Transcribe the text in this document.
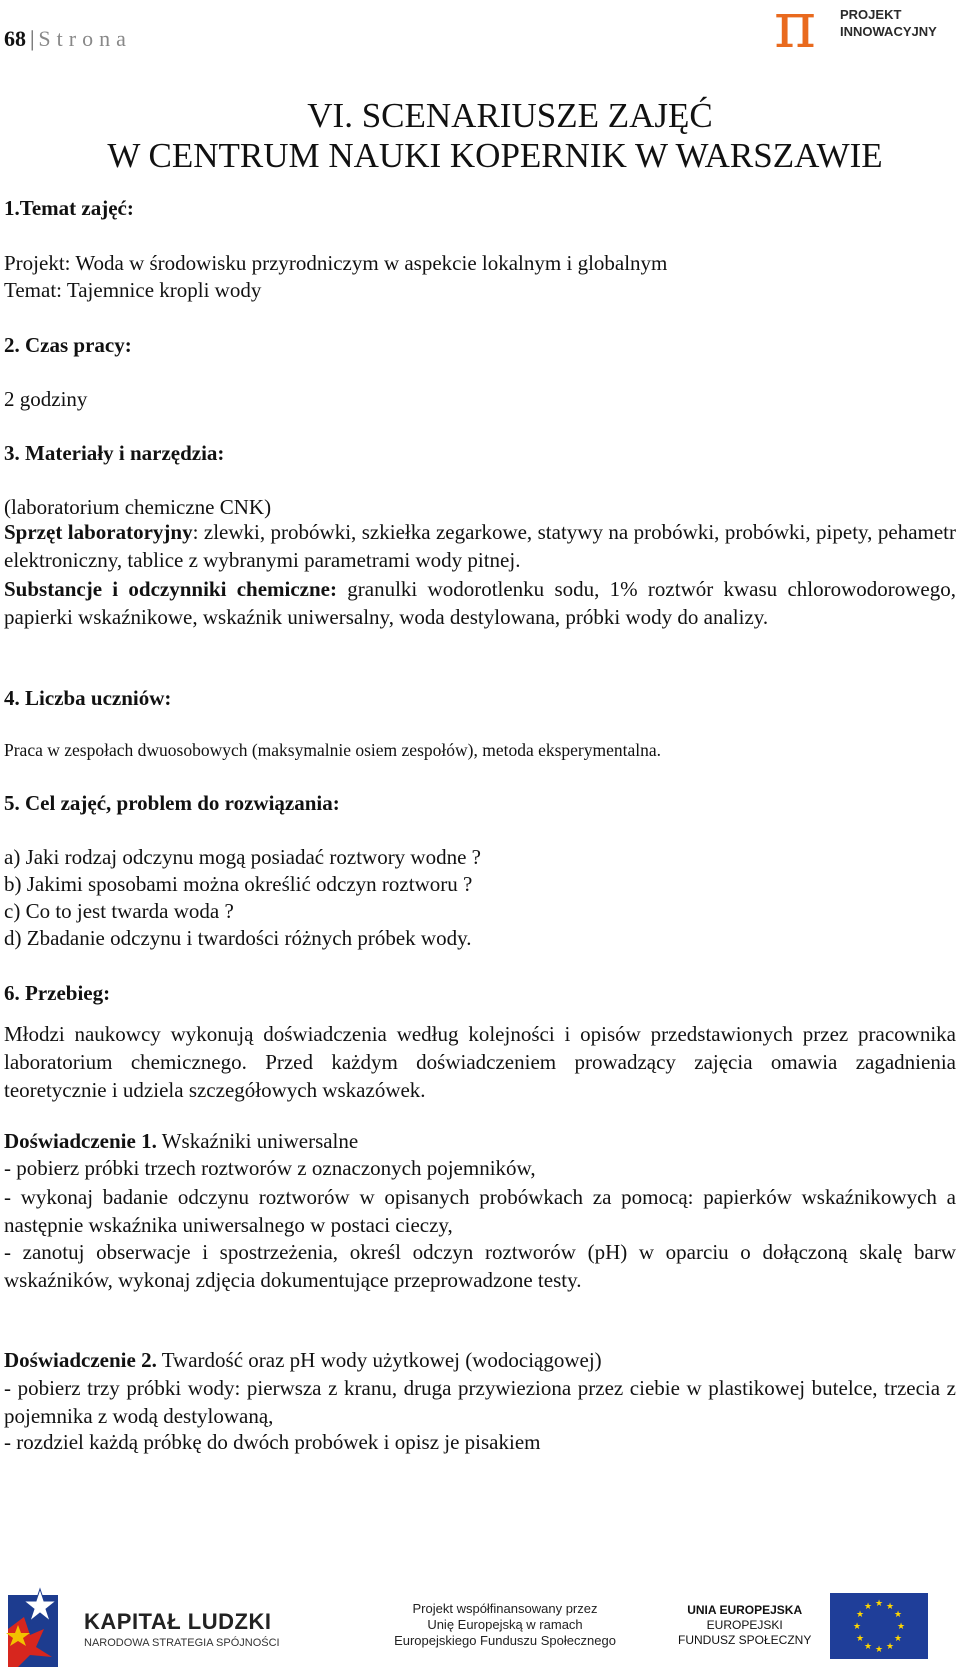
68 | Strona	π PROJEKT
INNOWACYJNY
VI. SCENARIUSZE ZAJĘĆ
W CENTRUM NAUKI KOPERNIK W WARSZAWIE
1.Temat zajęć:
Projekt: Woda w środowisku przyrodniczym w aspekcie lokalnym i globalnym
Temat: Tajemnice kropli wody
2. Czas pracy:
2 godziny
3. Materiały i narzędzia:
(laboratorium chemiczne CNK)
Sprzęt laboratoryjny: zlewki, probówki, szkiełka zegarkowe, statywy na probówki, probówki, pipety, pehametr elektroniczny, tablice z wybranymi parametrami wody pitnej.
Substancje i odczynniki chemiczne: granulki wodorotlenku sodu, 1% roztwór kwasu chlorowodorowego, papierki wskaźnikowe, wskaźnik uniwersalny, woda destylowana, próbki wody do analizy.
4. Liczba uczniów:
Praca w zespołach dwuosobowych (maksymalnie osiem zespołów), metoda eksperymentalna.
5. Cel zajęć, problem do rozwiązania:
a) Jaki rodzaj odczynu mogą posiadać roztwory wodne ?
b) Jakimi sposobami można określić odczyn roztworu ?
c) Co to jest twarda woda ?
d) Zbadanie odczynu i twardości różnych próbek wody.
6. Przebieg:
Młodzi naukowcy wykonują doświadczenia według kolejności i opisów przedstawionych przez pracownika laboratorium chemicznego. Przed każdym doświadczeniem prowadzący zajęcia omawia zagadnienia teoretycznie i udziela szczegółowych wskazówek.
Doświadczenie 1. Wskaźniki uniwersalne
- pobierz próbki trzech roztworów z oznaczonych pojemników,
- wykonaj badanie odczynu roztworów w opisanych probówkach za pomocą: papierków wskaźnikowych a następnie wskaźnika uniwersalnego w postaci cieczy,
- zanotuj obserwacje i spostrzeżenia, określ odczyn roztworów (pH) w oparciu o dołączoną skalę barw wskaźników, wykonaj zdjęcia dokumentujące przeprowadzone testy.
Doświadczenie 2. Twardość oraz pH wody użytkowej (wodociągowej)
- pobierz trzy próbki wody: pierwsza z kranu, druga przywieziona przez ciebie w plastikowej butelce, trzecia z pojemnika z wodą destylowaną,
- rozdziel każdą próbkę do dwóch probówek i opisz je pisakiem
KAPITAŁ LUDZKI
NARODOWA STRATEGIA SPÓJNOŚCI
Projekt współfinansowany przez
Unię Europejską w ramach
Europejskiego Funduszu Społecznego
UNIA EUROPEJSKA
EUROPEJSKI
FUNDUSZ SPOŁECZNY
★ ★
★
★
★
★
★
★
★
★
★
★
